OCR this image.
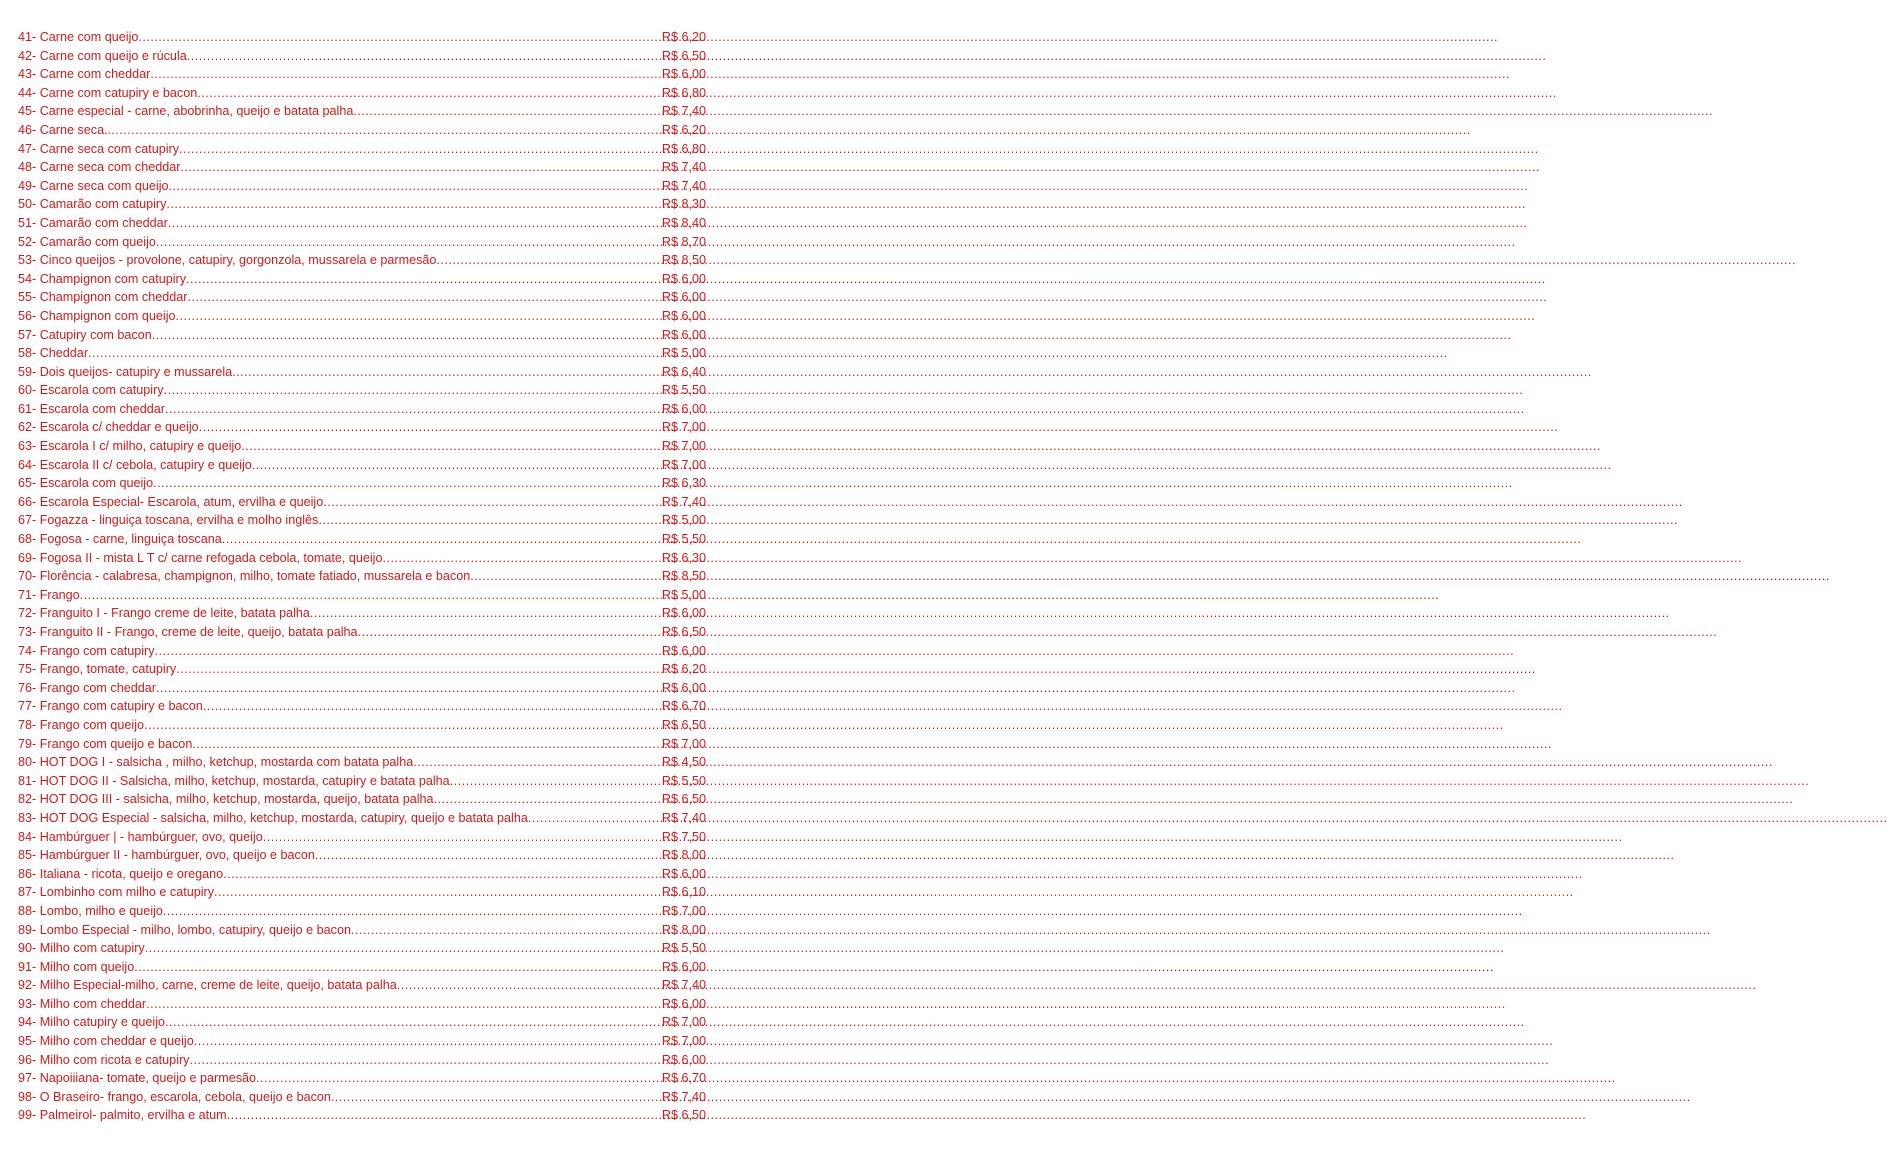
41- Carne com queijo .....	R$ 6,20
42- Carne com queijo e rúcula .....	R$ 6,50
43- Carne com cheddar .....	R$ 6,00
44- Carne com catupiry e bacon .....	R$ 6,80
45- Carne especial - carne, abobrinha, queijo e batata palha .....	R$ 7,40
46- Carne seca.. .....	R$ 6,20
47- Carne seca com catupiry .....	R$ 6,80
48- Carne seca com cheddar .....	R$ 7,40
49- Carne seca com queijo .....	R$ 7,40
50- Camarão com catupiry .....	R$ 8,30
51- Camarão com cheddar .....	R$ 8,40
52- Camarão com queijo .....	R$ 8,70
53- Cinco queijos - provolone, catupiry, gorgonzola, mussarela e parmesão .....	R$ 8,50
54- Champignon com catupiry .....	R$ 6,00
55- Champignon com cheddar .....	R$ 6,00
56- Champignon com queijo .....	R$ 6,00
57- Catupiry com bacon .....	R$ 6,00
58- Cheddar .....	R$ 5,00
59- Dois queijos- catupiry e mussarela .....	R$ 6,40
60- Escarola com catupiry .....	R$ 5,50
61- Escarola com cheddar .....	R$ 6,00
62- Escarola c/ cheddar e queijo .....	R$ 7,00
63- Escarola I c/ milho, catupiry e queijo .....	R$ 7,00
64- Escarola II c/ cebola, catupiry e queijo .....	R$ 7,00
65- Escarola com queijo .....	R$ 6,30
66- Escarola Especial- Escarola, atum, ervilha e queijo .....	R$ 7,40
67- Fogazza - linguiça toscana, ervilha e molho inglês .....	R$ 5,00
68- Fogosa - carne, linguiça toscana .....	R$ 5,50
69- Fogosa II - mista L T c/ carne refogada cebola, tomate, queijo .....	R$ 6,30
70- Florência - calabresa, champignon, milho, tomate fatiado, mussarela e bacon .....	R$ 8,50
71- Frango .....	R$ 5,00
72- Franguito I - Frango creme de leite, batata palha .....	R$ 6,00
73- Franguito II - Frango, creme de leite, queijo, batata palha .....	R$ 6,50
74- Frango com catupiry .....	R$ 6,00
75- Frango, tomate, catupiry .....	R$ 6,20
76- Frango com cheddar .....	R$ 6,00
77- Frango com catupiry e bacon .....	R$ 6,70
78- Frango com queijo .....	R$ 6,50
79- Frango com queijo e bacon .....	R$ 7,00
80- HOT DOG I - salsicha , milho, ketchup, mostarda com batata palha .....	R$ 4,50
81- HOT DOG II - Salsicha, milho, ketchup, mostarda, catupiry e batata palha .....	R$ 5,50
82- HOT DOG III - salsicha, milho, ketchup, mostarda, queijo, batata palha .....	R$ 6,50
83- HOT DOG Especial - salsicha, milho, ketchup, mostarda, catupiry, queijo e batata palha .....	R$ 7,40
84- Hambúrguer | - hambúrguer, ovo, queijo .....	R$ 7,50
85- Hambúrguer II - hambúrguer, ovo, queijo e bacon .....	R$ 8,00
86- Italiana - ricota, queijo e oregano .....	R$ 6,00
87- Lombinho com milho e catupiry .....	R$ 6,10
88- Lombo, milho e queijo .....	R$ 7,00
89- Lombo Especial - milho, lombo, catupiry, queijo e bacon .....	R$ 8,00
90- Milho com catupiry .....	R$ 5,50
91- Milho com queijo .....	R$ 6,00
92- Milho Especial-milho, carne, creme de leite, queijo, batata palha .....	R$ 7,40
93- Milho com cheddar .....	R$ 6,00
94- Milho catupiry e queijo .....	R$ 7,00
95- Milho com cheddar e queijo .....	R$ 7,00
96- Milho com ricota e catupiry .....	R$ 6,00
97- Napoiiiana- tomate, queijo e parmesão .....	R$ 6,70
98- O Braseiro- frango, escarola, cebola, queijo e bacon .....	R$ 7,40
99- Palmeirol- palmito, ervilha e atum .....	R$ 6,50
